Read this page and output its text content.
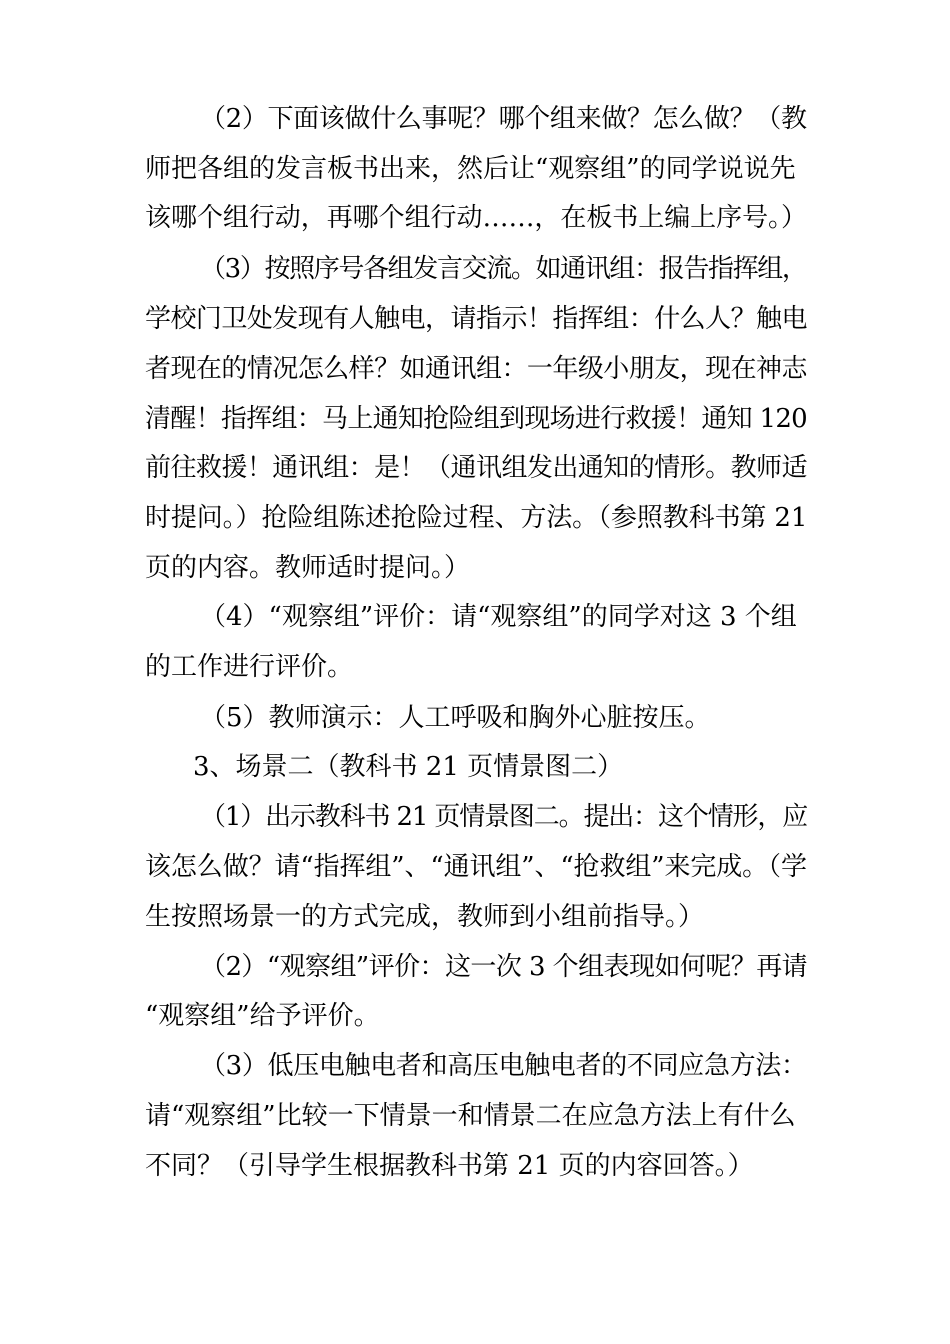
（2）下面该做什么事呢？哪个组来做？怎么做？（教
师把各组的发言板书出来，然后让“观察组”的同学说说先
该哪个组行动，再哪个组行动……，在板书上编上序号。）
（3）按照序号各组发言交流。如通讯组：报告指挥组，
学校门卫处发现有人触电，请指示！指挥组：什么人？触电
者现在的情况怎么样？如通讯组：一年级小朋友，现在神志
清醒！指挥组：马上通知抢险组到现场进行救援！通知 120
前往救援！通讯组：是！（通讯组发出通知的情形。教师适
时提问。）抢险组陈述抢险过程、方法。（参照教科书第 21
页的内容。教师适时提问。）
（4）“观察组”评价：请“观察组”的同学对这 3 个组
的工作进行评价。
（5）教师演示：人工呼吸和胸外心脏按压。
3、场景二（教科书 21 页情景图二）
（1）出示教科书 21 页情景图二。提出：这个情形，应
该怎么做？请“指挥组”、“通讯组”、“抢救组”来完成。（学
生按照场景一的方式完成，教师到小组前指导。）
（2）“观察组”评价：这一次 3 个组表现如何呢？再请
“观察组”给予评价。
（3）低压电触电者和高压电触电者的不同应急方法：
请“观察组”比较一下情景一和情景二在应急方法上有什么
不同？（引导学生根据教科书第 21 页的内容回答。）
